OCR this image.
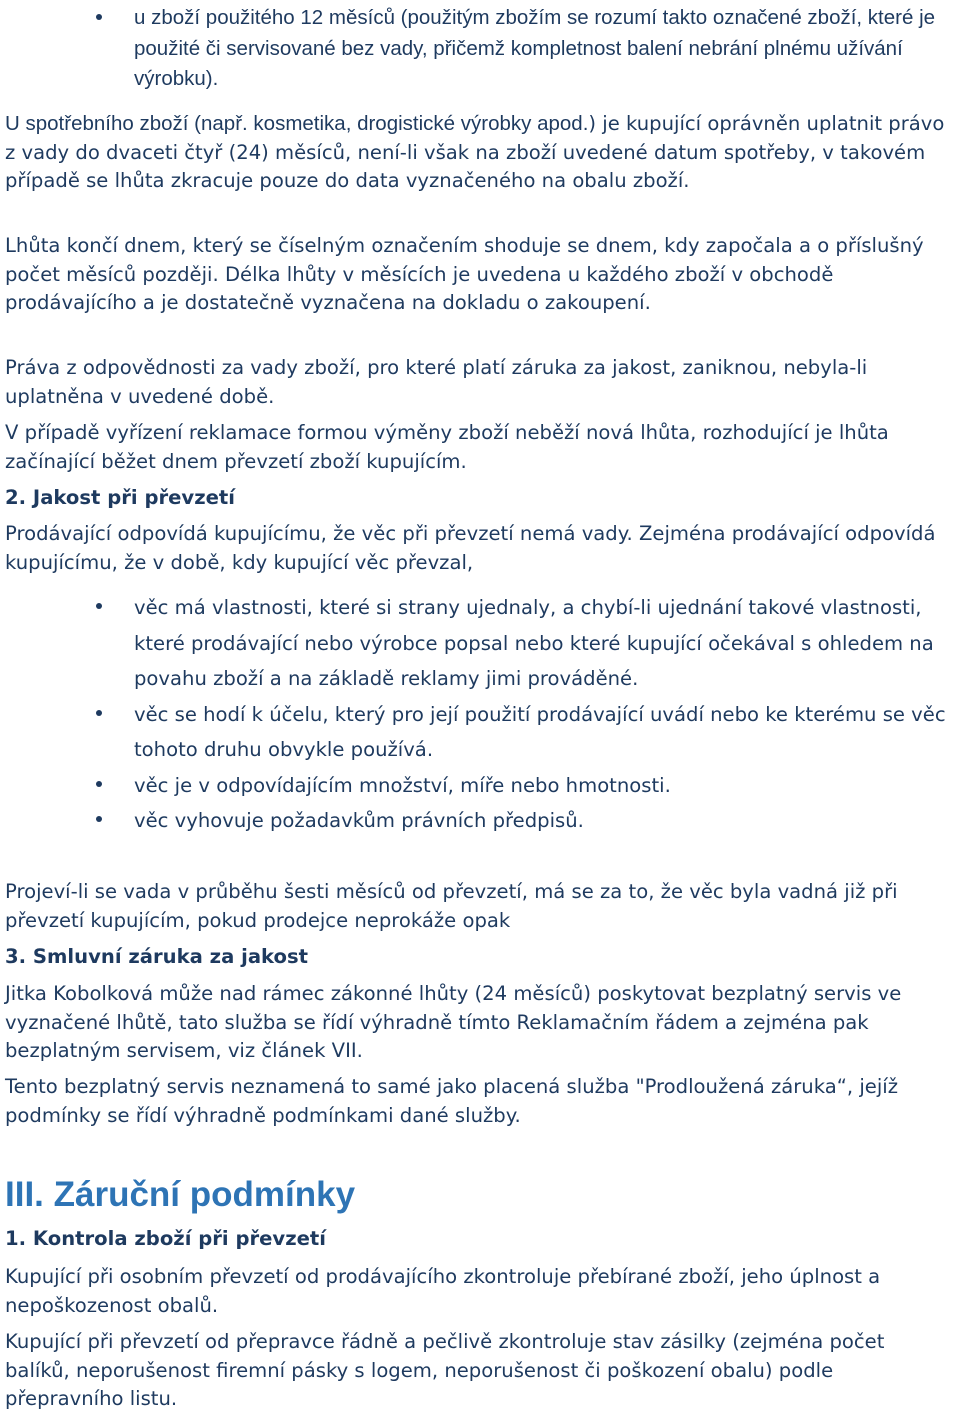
u zboží použitého 12 měsíců (použitým zbožím se rozumí takto označené zboží, které je použité či servisované bez vady, přičemž kompletnost balení nebrání plnému užívání výrobku).

U spotřebního zboží (např. kosmetika, drogistické výrobky apod.) je kupující oprávněn uplatnit právo z vady do dvaceti čtyř (24) měsíců, není-li však na zboží uvedené datum spotřeby, v takovém případě se lhůta zkracuje pouze do data vyznačeného na obalu zboží.

Lhůta končí dnem, který se číselným označením shoduje se dnem, kdy započala a o příslušný počet měsíců později. Délka lhůty v měsících je uvedena u každého zboží v obchodě prodávajícího a je dostatečně vyznačena na dokladu o zakoupení.

Práva z odpovědnosti za vady zboží, pro které platí záruka za jakost, zaniknou, nebyla-li uplatněna v uvedené době.

V případě vyřízení reklamace formou výměny zboží neběží nová lhůta, rozhodující je lhůta začínající běžet dnem převzetí zboží kupujícím.

2. Jakost při převzetí

Prodávající odpovídá kupujícímu, že věc při převzetí nemá vady. Zejména prodávající odpovídá kupujícímu, že v době, kdy kupující věc převzal,

věc má vlastnosti, které si strany ujednaly, a chybí-li ujednání takové vlastnosti, které prodávající nebo výrobce popsal nebo které kupující očekával s ohledem na povahu zboží a na základě reklamy jimi prováděné.
věc se hodí k účelu, který pro její použití prodávající uvádí nebo ke kterému se věc tohoto druhu obvykle používá.
věc je v odpovídajícím množství, míře nebo hmotnosti.
věc vyhovuje požadavkům právních předpisů.

Projeví-li se vada v průběhu šesti měsíců od převzetí, má se za to, že věc byla vadná již při převzetí kupujícím, pokud prodejce neprokáže opak

3. Smluvní záruka za jakost

Jitka Kobolková může nad rámec zákonné lhůty (24 měsíců) poskytovat bezplatný servis ve vyznačené lhůtě, tato služba se řídí výhradně tímto Reklamačním řádem a zejména pak bezplatným servisem, viz článek VII.

Tento bezplatný servis neznamená to samé jako placená služba "Prodloužená záruka“, jejíž podmínky se řídí výhradně podmínkami dané služby.

III. Záruční podmínky
1. Kontrola zboží při převzetí

Kupující při osobním převzetí od prodávajícího zkontroluje přebírané zboží, jeho úplnost a nepoškozenost obalů.

Kupující při převzetí od přepravce řádně a pečlivě zkontroluje stav zásilky (zejména počet balíků, neporušenost firemní pásky s logem, neporušenost či poškození obalu) podle přepravního listu.
